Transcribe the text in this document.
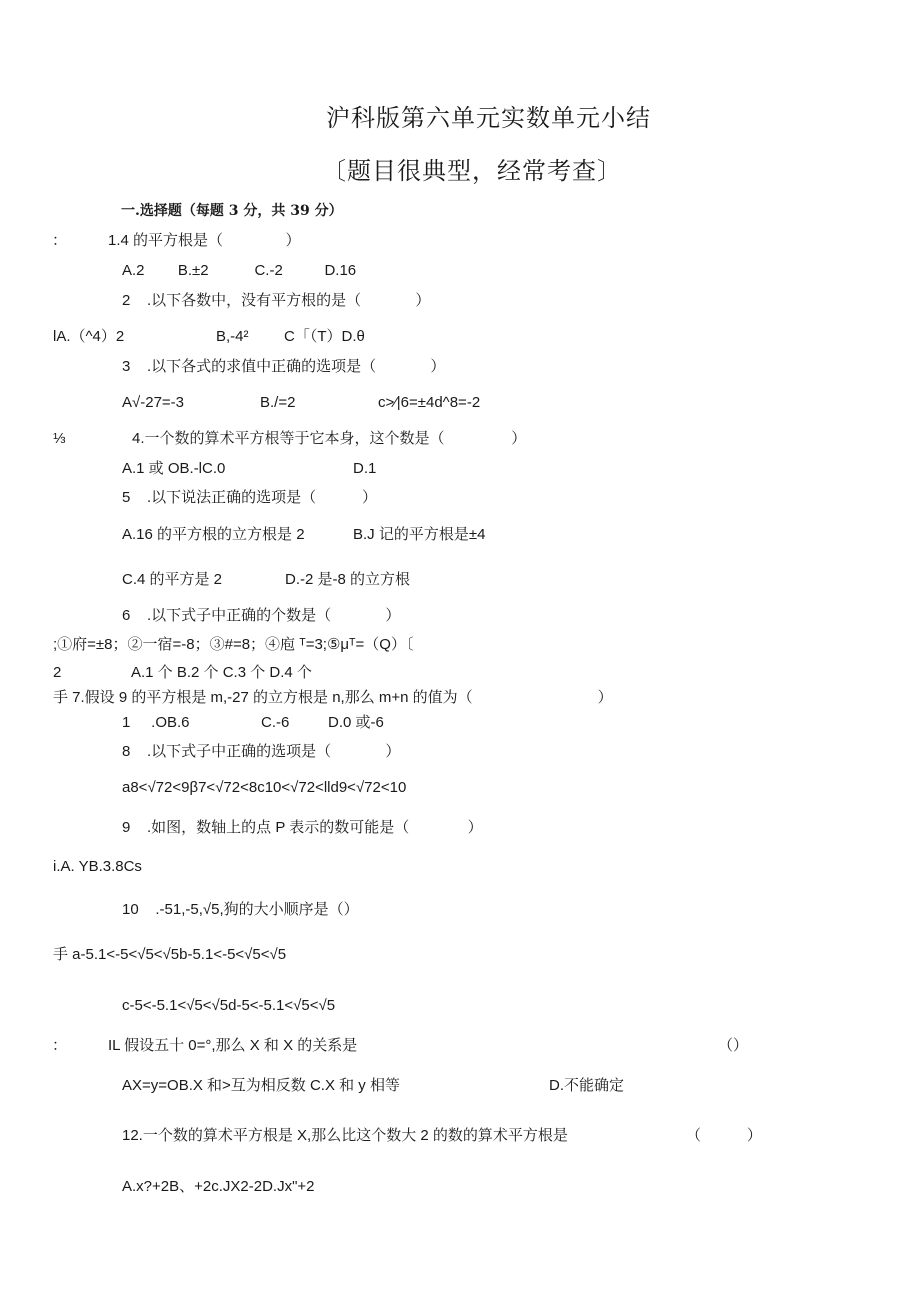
沪科版第六单元实数单元小结
〔题目很典型，经常考查〕
一.选择题（每题 3 分，共 39 分）
：	1.4 的平方根是（               ）
A.2        B.±2           C.-2          D.16
2    .以下各数中，没有平方根的是（             ）
lA.（^4）2	B,-4² C「（T）D.θ
3    .以下各式的求值中正确的选项是（             ）
A√-27=-3	B./=2	c>⁄|6=±4d^8=-2
⅓	4.一个数的算术平方根等于它本身，这个数是（                ）
A.1 或 OB.-lC.0	D.1
5    .以下说法正确的选项是（           ）
A.16 的平方根的立方根是 2	B.J 记的平方根是±4
C.4 的平方是 2	D.-2 是-8 的立方根
6    .以下式子中正确的个数是（             ）
;①府=±8；②一宿=-8；③#=8；④庖 ᵀ=3;⑤μᵀ=（Q）〔
2	A.1 个 B.2 个 C.3 个 D.4 个
手 7.假设 9 的平方根是 m,-27 的立方根是 n,那么 m+n 的值为（                              ）
1     .OB.6	C.-6	D.0 或-6
8    .以下式子中正确的选项是（             ）
a8<√72<9β7<√72<8c10<√72<lld9<√72<10
9    .如图，数轴上的点 P 表示的数可能是（              ）
i.A. YB.3.8Cs
10    .-51,-5,√5,狗的大小顺序是（）
手 a-5.1<-5<√5<√5b-5.1<-5<√5<√5
c-5<-5.1<√5<√5d-5<-5.1<√5<√5
：	IL 假设五十 0=°,那么 X 和 X 的关系是	（）
AX=y=OB.X 和>互为相反数 C.X 和 y 相等	D.不能确定
12.一个数的算术平方根是 X,那么比这个数大 2 的数的算术平方根是	（           ）
A.x?+2B、+2c.JX2-2D.Jx"+2
